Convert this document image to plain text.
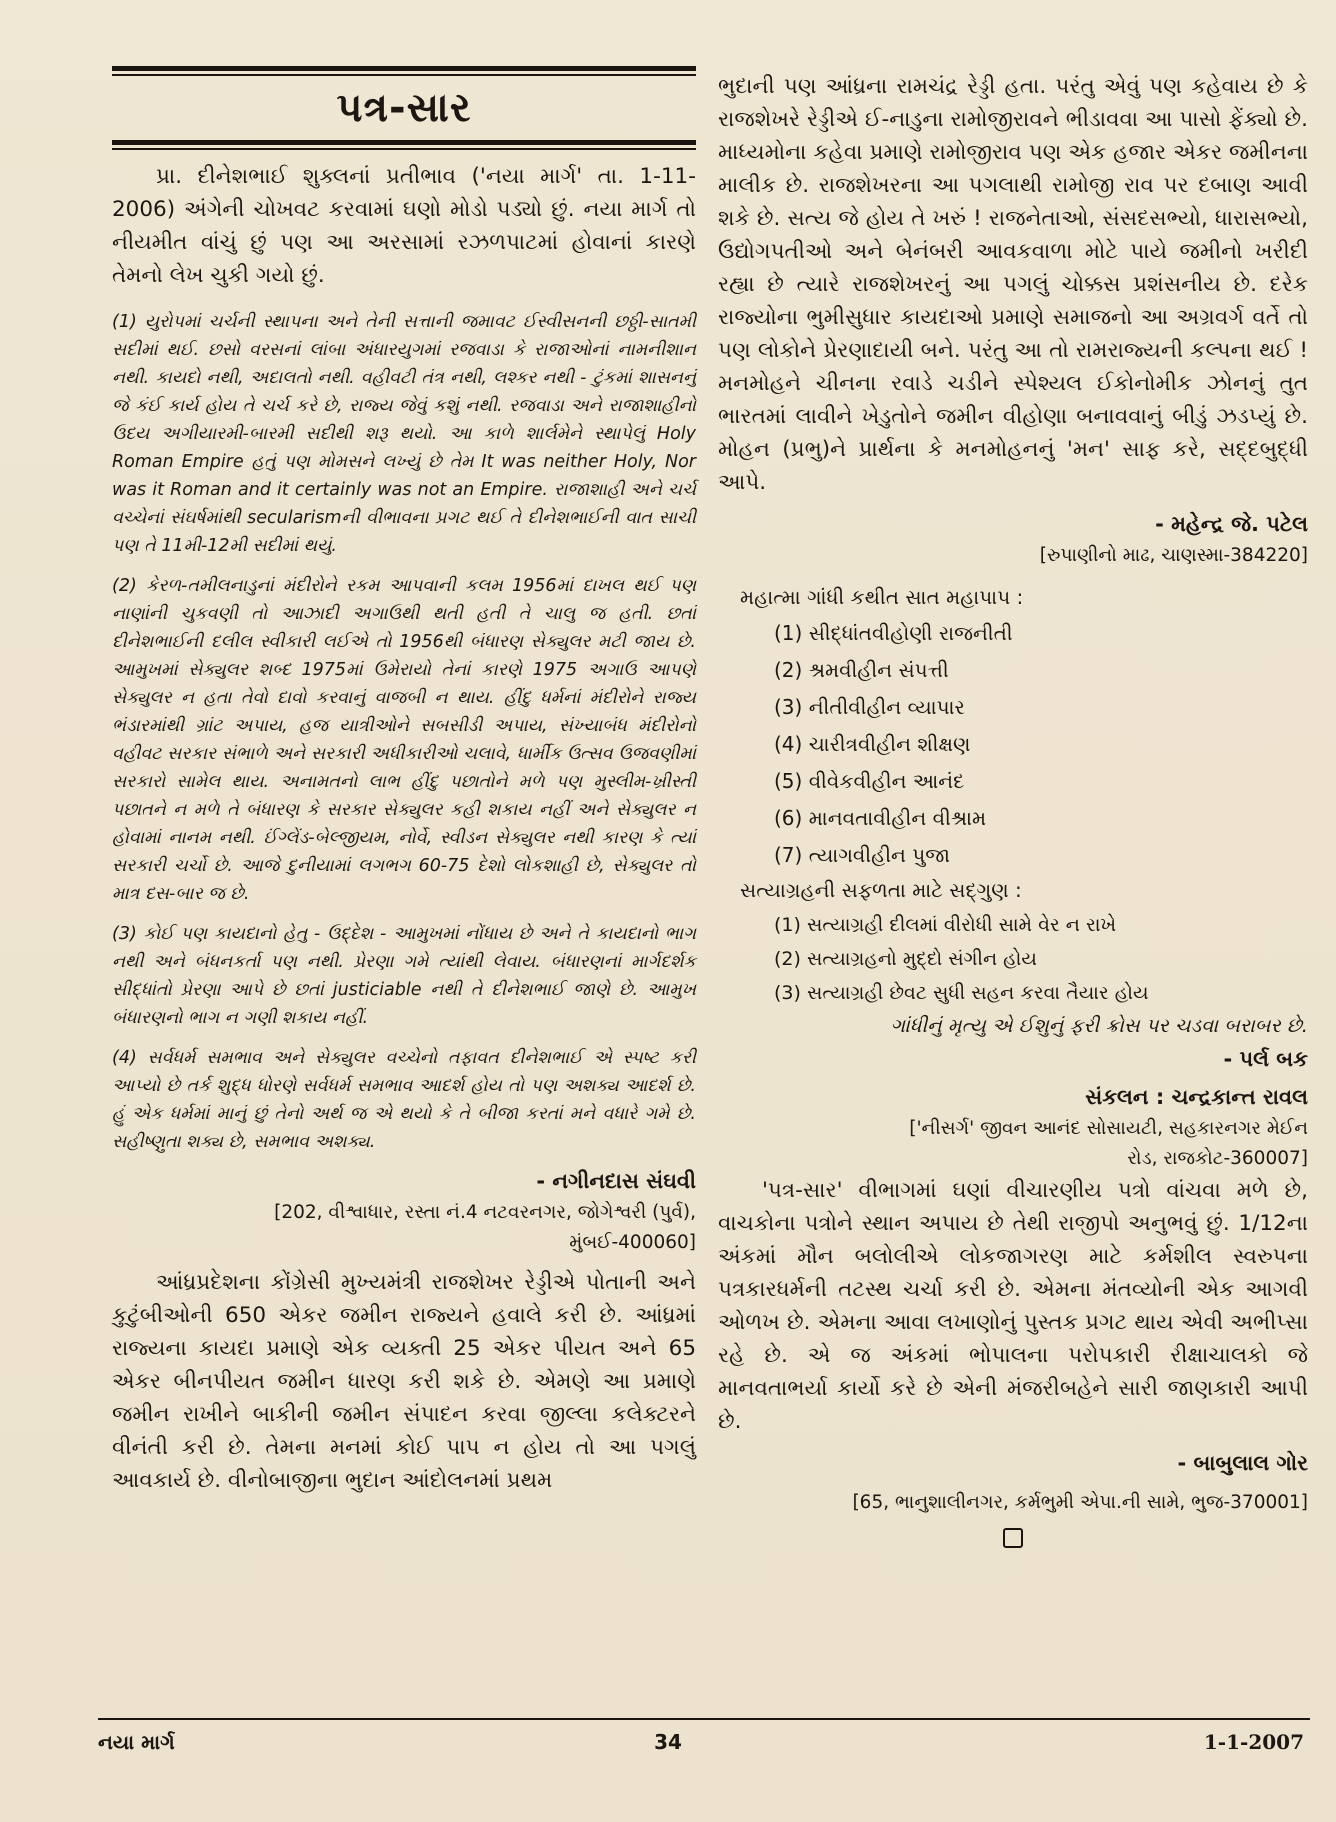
પત્ર-સાર

પ્રા. દીનેશભાઈ શુક્લનાં પ્રતીભાવ ('નયા માર્ગ' તા. 1-11-2006) અંગેની ચોખવટ કરવામાં ઘણો મોડો પડ્યો છું. નયા માર્ગ તો નીયમીત વાંચું છું પણ આ અરસામાં રઝળપાટમાં હોવાનાં કારણે તેમનો લેખ ચુકી ગયો છું.

(1) યુરોપમાં ચર્ચની સ્થાપના અને તેની સત્તાની જમાવટ ઈસ્વીસનની છઠ્ઠી-સાતમી સદીમાં થઈ. છસો વરસનાં લાંબા અંધારયુગમાં રજવાડા કે રાજાઓનાં નામનીશાન નથી. કાયદો નથી, અદાલતો નથી. વહીવટી તંત્ર નથી, લશ્કર નથી - ટુંકમાં શાસનનું જે કંઈ કાર્ય હોય તે ચર્ચ કરે છે, રાજ્ય જેવું કશું નથી. રજવાડા અને રાજાશાહીનો ઉદય અગીયારમી-બારમી સદીથી શરૂ થયો. આ કાળે શાર્લમેને સ્થાપેલું Holy Roman Empire હતું પણ મોમસને લખ્યું છે તેમ It was neither Holy, Nor was it Roman and it certainly was not an Empire. રાજાશાહી અને ચર્ચ વચ્ચેનાં સંઘર્ષમાંથી secularismની વીભાવના પ્રગટ થઈ તે દીનેશભાઈની વાત સાચી પણ તે 11મી-12મી સદીમાં થયું.

(2) કેરળ-તમીલનાડુનાં મંદીરોને રકમ આપવાની કલમ 1956માં દાખલ થઈ પણ નાણાંની ચુકવણી તો આઝાદી અગાઉથી થતી હતી તે ચાલુ જ હતી. છતાં દીનેશભાઈની દલીલ સ્વીકારી લઈએ તો 1956થી બંધારણ સેક્યુલર મટી જાય છે. આમુખમાં સેક્યુલર શબ્દ 1975માં ઉમેરાયો તેનાં કારણે 1975 અગાઉ આપણે સેક્યુલર ન હતા તેવો દાવો કરવાનું વાજબી ન થાય. હીંદુ ધર્મનાં મંદીરોને રાજ્ય ભંડારમાંથી ગ્રાંટ અપાય, હજ યાત્રીઓને સબસીડી અપાય, સંખ્યાબંધ મંદીરોનો વહીવટ સરકાર સંભાળે અને સરકારી અધીકારીઓ ચલાવે, ધાર્મીક ઉત્સવ ઉજવણીમાં સરકારો સામેલ થાય. અનામતનો લાભ હીંદુ પછાતોને મળે પણ મુસ્લીમ-ખ્રીસ્તી પછાતને ન મળે તે બંધારણ કે સરકાર સેક્યુલર કહી શકાય નહીં અને સેક્યુલર ન હોવામાં નાનમ નથી. ઈંગ્લેંડ-બેલ્જીયમ, નોર્વે, સ્વીડન સેક્યુલર નથી કારણ કે ત્યાં સરકારી ચર્ચો છે. આજે દુનીયામાં લગભગ 60-75 દેશો લોકશાહી છે, સેક્યુલર તો માત્ર દસ-બાર જ છે.

(3) કોઈ પણ કાયદાનો હેતુ - ઉદ્દેશ - આમુખમાં નોંધાય છે અને તે કાયદાનો ભાગ નથી અને બંધનકર્તા પણ નથી. પ્રેરણા ગમે ત્યાંથી લેવાય. બંધારણનાં માર્ગદર્શક સીદ્ધાંતો પ્રેરણા આપે છે છતાં justiciable નથી તે દીનેશભાઈ જાણે છે. આમુખ બંધારણનો ભાગ ન ગણી શકાય નહીં.

(4) સર્વધર્મ સમભાવ અને સેક્યુલર વચ્ચેનો તફાવત દીનેશભાઈ એ સ્પષ્ટ કરી આપ્યો છે તર્ક શુદ્ધ ધોરણે સર્વધર્મ સમભાવ આદર્શ હોય તો પણ અશક્ય આદર્શ છે. હું એક ધર્મમાં માનું છું તેનો અર્થ જ એ થયો કે તે બીજા કરતાં મને વધારે ગમે છે. સહીષ્ણુતા શક્ય છે, સમભાવ અશક્ય.

- નગીનદાસ સંઘવી

[202, વીશ્વાધાર, રસ્તા નં.4 નટવરનગર, જોગેશ્વરી (પુર્વ),

મુંબઈ-400060]

આંધ્રપ્રદેશના કોંગ્રેસી મુખ્યમંત્રી રાજશેખર રેડ્ડીએ પોતાની અને કુટુંબીઓની 650 એકર જમીન રાજ્યને હવાલે કરી છે. આંધ્રમાં રાજ્યના કાયદા પ્રમાણે એક વ્યક્તી 25 એકર પીયત અને 65 એકર બીનપીયત જમીન ધારણ કરી શકે છે. એમણે આ પ્રમાણે જમીન રાખીને બાકીની જમીન સંપાદન કરવા જીલ્લા કલેક્ટરને વીનંતી કરી છે. તેમના મનમાં કોઈ પાપ ન હોય તો આ પગલું આવકાર્ય છે. વીનોબાજીના ભુદાન આંદોલનમાં પ્રથમ

ભુદાની પણ આંધ્રના રામચંદ્ર રેડ્ડી હતા. પરંતુ એવું પણ કહેવાય છે કે રાજશેખરે રેડ્ડીએ ઈ-નાડુના રામોજીરાવને ભીડાવવા આ પાસો ફેંક્યો છે. માધ્યમોના કહેવા પ્રમાણે રામોજીરાવ પણ એક હજાર એકર જમીનના માલીક છે. રાજશેખરના આ પગલાથી રામોજી રાવ પર દબાણ આવી શકે છે. સત્ય જે હોય તે ખરું ! રાજનેતાઓ, સંસદસભ્યો, ધારાસભ્યો, ઉદ્યોગપતીઓ અને બેનંબરી આવકવાળા મોટે પાયે જમીનો ખરીદી રહ્યા છે ત્યારે રાજશેખરનું આ પગલું ચોક્કસ પ્રશંસનીય છે. દરેક રાજ્યોના ભુમીસુધાર કાયદાઓ પ્રમાણે સમાજનો આ અગ્રવર્ગ વર્તે તો પણ લોકોને પ્રેરણાદાયી બને. પરંતુ આ તો રામરાજ્યની કલ્પના થઈ ! મનમોહને ચીનના રવાડે ચડીને સ્પેશ્યલ ઈકોનોમીક ઝોનનું તુત ભારતમાં લાવીને ખેડુતોને જમીન વીહોણા બનાવવાનું બીડું ઝડપ્યું છે. મોહન (પ્રભુ)ને પ્રાર્થના કે મનમોહનનું 'મન' સાફ કરે, સદ્દબુદ્ધી આપે.

- મહેન્દ્ર જે. પટેલ

[રુપાણીનો માઢ, ચાણસ્મા-384220]

મહાત્મા ગાંધી કથીત સાત મહાપાપ :
(1) સીદ્ધાંતવીહોણી રાજનીતી
(2) શ્રમવીહીન સંપત્તી
(3) નીતીવીહીન વ્યાપાર
(4) ચારીત્રવીહીન શીક્ષણ
(5) વીવેકવીહીન આનંદ
(6) માનવતાવીહીન વીશ્રામ
(7) ત્યાગવીહીન પુજા
સત્યાગ્રહની સફળતા માટે સદ્ગુણ :
(1) સત્યાગ્રહી દીલમાં વીરોધી સામે વેર ન રાખે
(2) સત્યાગ્રહનો મુદ્દો સંગીન હોય
(3) સત્યાગ્રહી છેવટ સુધી સહન કરવા તૈયાર હોય

ગાંધીનું મૃત્યુ એ ઈશુનું ફરી ક્રોસ પર ચડવા બરાબર છે.

- પર્લ બક
સંકલન : ચન્દ્રકાન્ત રાવલ

['નીસર્ગ' જીવન આનંદ સોસાયટી, સહકારનગર મેઈન

રોડ, રાજકોટ-360007]

'પત્ર-સાર' વીભાગમાં ઘણાં વીચારણીય પત્રો વાંચવા મળે છે, વાચકોના પત્રોને સ્થાન અપાય છે તેથી રાજીપો અનુભવું છું. 1/12ના અંકમાં મૌન બલોલીએ લોકજાગરણ માટે કર્મશીલ સ્વરુપના પત્રકારધર્મની તટસ્થ ચર્ચા કરી છે. એમના મંતવ્યોની એક આગવી ઓળખ છે. એમના આવા લખાણોનું પુસ્તક પ્રગટ થાય એવી અભીપ્સા રહે છે. એ જ અંકમાં ભોપાલના પરોપકારી રીક્ષાચાલકો જે માનવતાભર્યા કાર્યો કરે છે એની મંજરીબહેને સારી જાણકારી આપી છે.

- બાબુલાલ ગોર

[65, ભાનુશાલીનગર, કર્મભુમી એપા.ની સામે, ભુજ-370001]

નયા માર્ગ	34	1-1-2007
